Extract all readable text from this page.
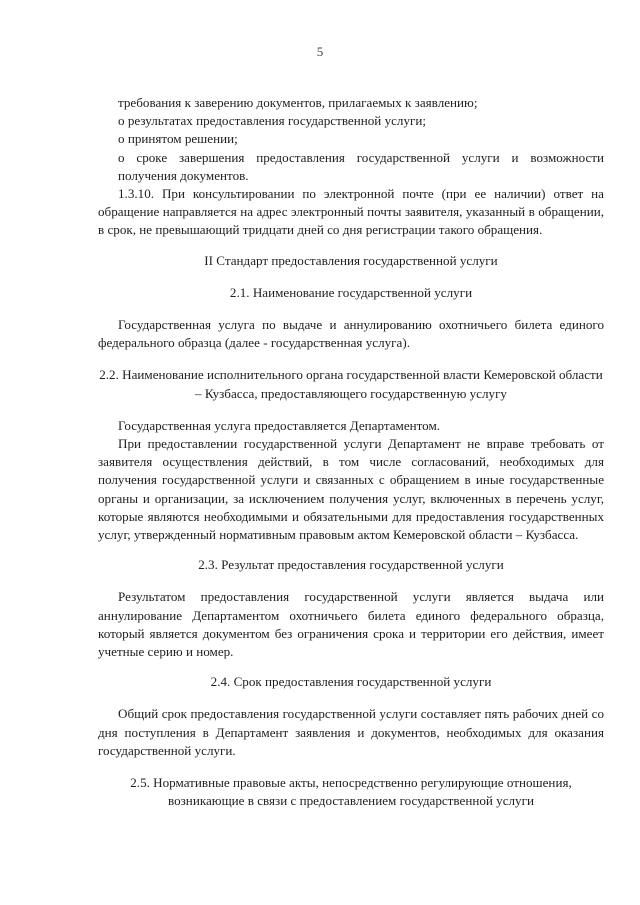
5

требования к заверению документов, прилагаемых к заявлению;

о результатах предоставления государственной услуги;

о принятом решении;

о сроке завершения предоставления государственной услуги и возможности получения документов.

1.3.10. При консультировании по электронной почте (при ее наличии) ответ на обращение направляется на адрес электронный почты заявителя, указанный в обращении, в срок, не превышающий тридцати дней со дня регистрации такого обращения.

II Стандарт предоставления государственной услуги

2.1. Наименование государственной услуги

Государственная услуга по выдаче и аннулированию охотничьего билета единого федерального образца (далее - государственная услуга).

2.2. Наименование исполнительного органа государственной власти Кемеровской области – Кузбасса, предоставляющего государственную услугу

Государственная услуга предоставляется Департаментом.

При предоставлении государственной услуги Департамент не вправе требовать от заявителя осуществления действий, в том числе согласований, необходимых для получения государственной услуги и связанных с обращением в иные государственные органы и организации, за исключением получения услуг, включенных в перечень услуг, которые являются необходимыми и обязательными для предоставления государственных услуг, утвержденный нормативным правовым актом Кемеровской области – Кузбасса.

2.3. Результат предоставления государственной услуги

Результатом предоставления государственной услуги является выдача или аннулирование Департаментом охотничьего билета единого федерального образца, который является документом без ограничения срока и территории его действия, имеет учетные серию и номер.

2.4. Срок предоставления государственной услуги

Общий срок предоставления государственной услуги составляет пять рабочих дней со дня поступления в Департамент заявления и документов, необходимых для оказания государственной услуги.

2.5. Нормативные правовые акты, непосредственно регулирующие отношения, возникающие в связи с предоставлением государственной услуги
